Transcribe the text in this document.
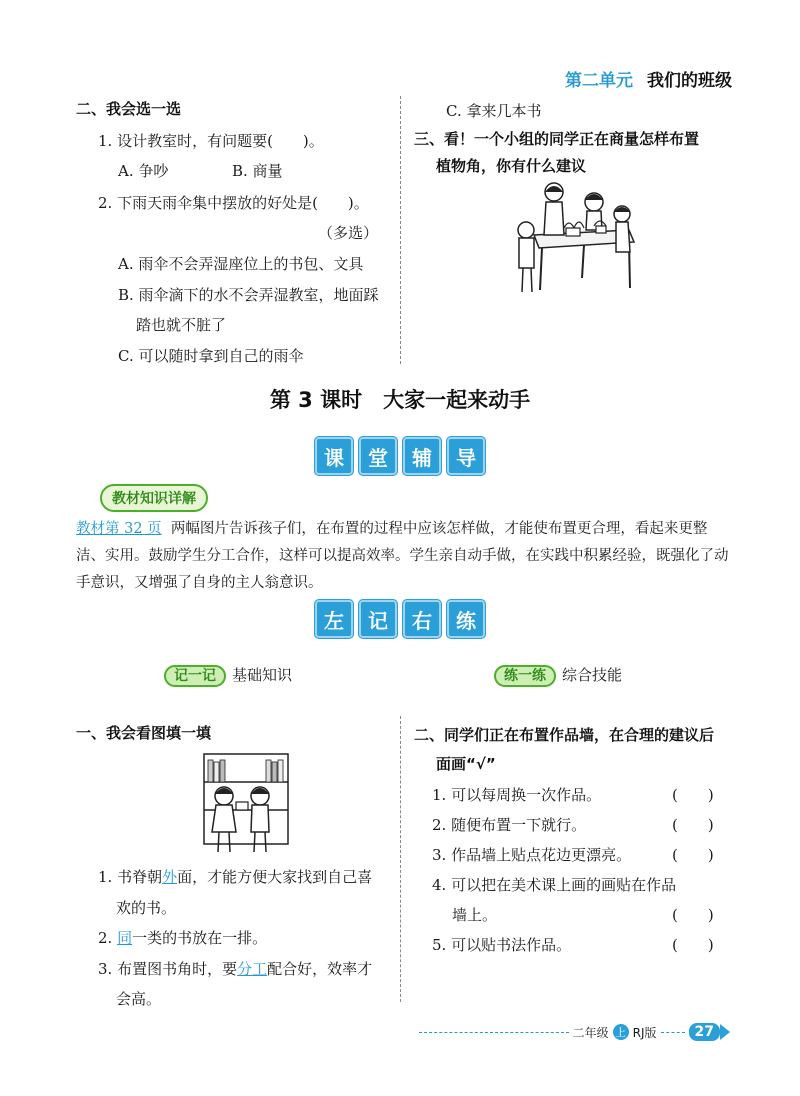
第二单元 我们的班级
二、我会选一选
1. 设计教室时，有问题要(　　)。
A. 争吵	B. 商量
2. 下雨天雨伞集中摆放的好处是(　　)。
（多选）
A. 雨伞不会弄湿座位上的书包、文具
B. 雨伞滴下的水不会弄湿教室，地面踩
踏也就不脏了
C. 可以随时拿到自己的雨伞
C. 拿来几本书
三、看！一个小组的同学正在商量怎样布置
植物角，你有什么建议
第 3 课时　大家一起来动手
课	堂	辅	导
教材知识详解
教材第 32 页 两幅图片告诉孩子们，在布置的过程中应该怎样做，才能使布置更合理，看起来更整洁、实用。鼓励学生分工合作，这样可以提高效率。学生亲自动手做，在实践中积累经验，既强化了动手意识，又增强了自身的主人翁意识。
左	记	右	练
记一记 基础知识	练一练 综合技能
一、我会看图填一填
1. 书脊朝外面，才能方便大家找到自己喜
欢的书。
2. 同一类的书放在一排。
3. 布置图书角时，要分工配合好，效率才
会高。
二、同学们正在布置作品墙，在合理的建议后
面画“√”
1. 可以每周换一次作品。	(　　)
2. 随便布置一下就行。	(　　)
3. 作品墙上贴点花边更漂亮。	(　　)
4. 可以把在美术课上画的画贴在作品
墙上。	(　　)
5. 可以贴书法作品。	(　　)
二年级 上 RJ版	27
